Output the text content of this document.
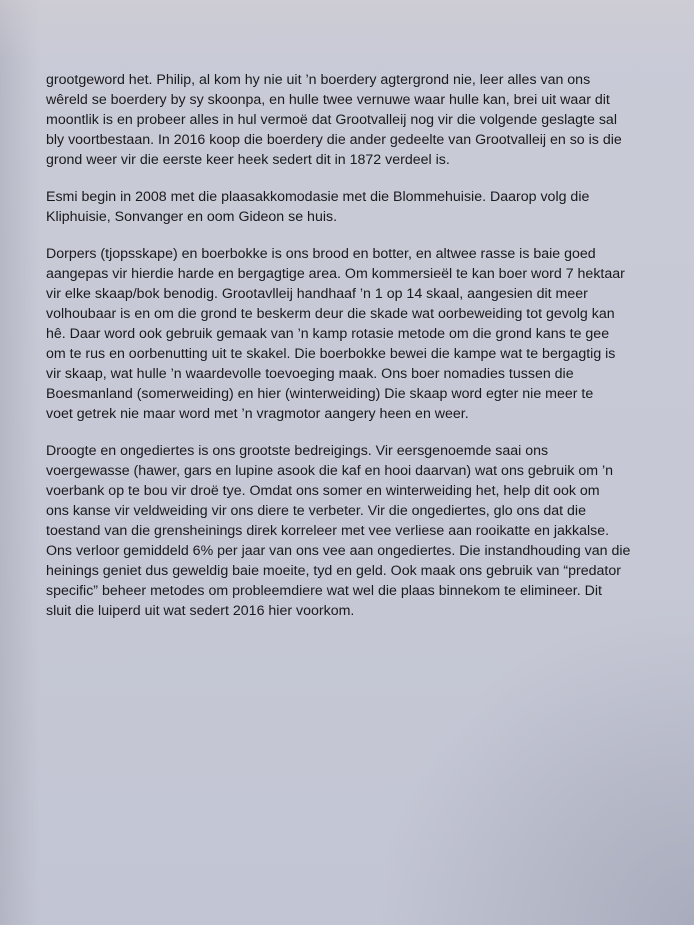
grootgeword het. Philip, al kom hy nie uit ’n boerdery agtergrond nie, leer alles van ons
wêreld se boerdery by sy skoonpa, en hulle twee vernuwe waar hulle kan, brei uit waar dit
moontlik is en probeer alles in hul vermoë dat Grootvalleij nog vir die volgende geslagte sal
bly voortbestaan. In 2016 koop die boerdery die ander gedeelte van Grootvalleij en so is die
grond weer vir die eerste keer heek sedert dit in 1872 verdeel is.

Esmi begin in 2008 met die plaasakkomodasie met die Blommehuisie. Daarop volg die
Kliphuisie, Sonvanger en oom Gideon se huis.

Dorpers (tjopsskape) en boerbokke is ons brood en botter, en altwee rasse is baie goed
aangepas vir hierdie harde en bergagtige area. Om kommersieël te kan boer word 7 hektaar
vir elke skaap/bok benodig. Grootavlleij handhaaf ’n 1 op 14 skaal, aangesien dit meer
volhoubaar is en om die grond te beskerm deur die skade wat oorbeweiding tot gevolg kan
hê. Daar word ook gebruik gemaak van ’n kamp rotasie metode om die grond kans te gee
om te rus en oorbenutting uit te skakel. Die boerbokke bewei die kampe wat te bergagtig is
vir skaap, wat hulle ’n waardevolle toevoeging maak. Ons boer nomadies tussen die
Boesmanland (somerweiding) en hier (winterweiding) Die skaap word egter nie meer te
voet getrek nie maar word met ’n vragmotor aangery heen en weer.

Droogte en ongediertes is ons grootste bedreigings. Vir eersgenoemde saai ons
voergewasse (hawer, gars en lupine asook die kaf en hooi daarvan) wat ons gebruik om ’n
voerbank op te bou vir droë tye. Omdat ons somer en winterweiding het, help dit ook om
ons kanse vir veldweiding vir ons diere te verbeter. Vir die ongediertes, glo ons dat die
toestand van die grensheinings direk korreleer met vee verliese aan rooikatte en jakkalse.
Ons verloor gemiddeld 6% per jaar van ons vee aan ongediertes. Die instandhouding van die
heinings geniet dus geweldig baie moeite, tyd en geld. Ook maak ons gebruik van “predator
specific” beheer metodes om probleemdiere wat wel die plaas binnekom te elimineer. Dit
sluit die luiperd uit wat sedert 2016 hier voorkom.
